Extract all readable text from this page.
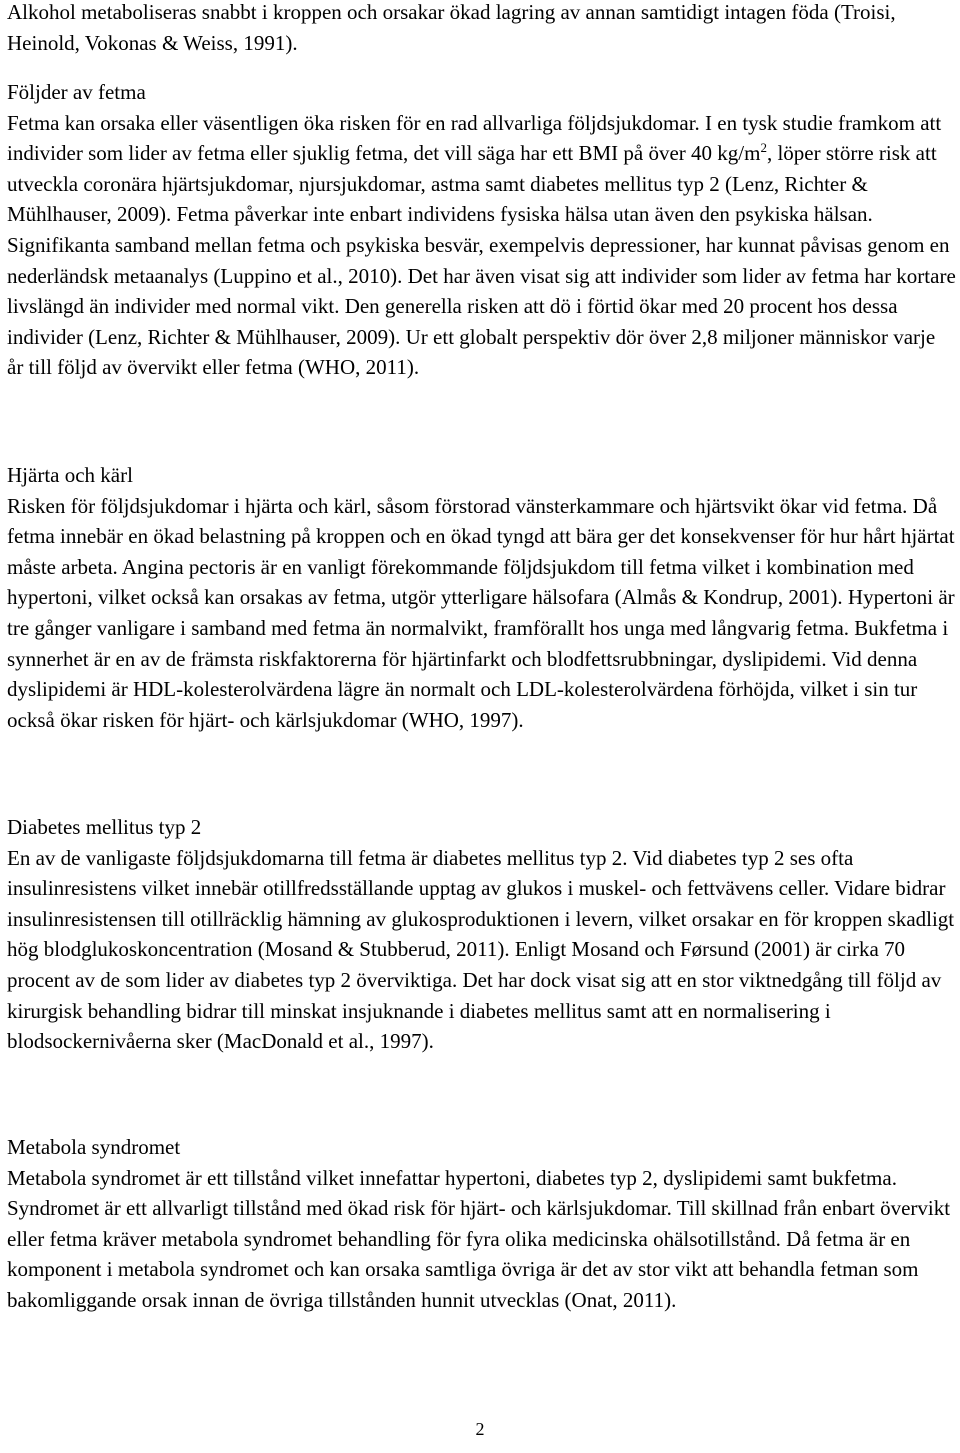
Alkohol metaboliseras snabbt i kroppen och orsakar ökad lagring av annan samtidigt intagen föda (Troisi, Heinold, Vokonas & Weiss, 1991).

Följder av fetma
Fetma kan orsaka eller väsentligen öka risken för en rad allvarliga följdsjukdomar. I en tysk studie framkom att individer som lider av fetma eller sjuklig fetma, det vill säga har ett BMI på över 40 $kg/m^2$, löper större risk att utveckla coronära hjärtsjukdomar, njursjukdomar, astma samt diabetes mellitus typ 2 (Lenz, Richter & Mühlhauser, 2009). Fetma påverkar inte enbart individens fysiska hälsa utan även den psykiska hälsan. Signifikanta samband mellan fetma och psykiska besvär, exempelvis depressioner, har kunnat påvisas genom en nederländsk metaanalys (Luppino et al., 2010). Det har även visat sig att individer som lider av fetma har kortare livslängd än individer med normal vikt. Den generella risken att dö i förtid ökar med 20 procent hos dessa individer (Lenz, Richter & Mühlhauser, 2009). Ur ett globalt perspektiv dör över 2,8 miljoner människor varje år till följd av övervikt eller fetma (WHO, 2011).

Hjärta och kärl
Risken för följdsjukdomar i hjärta och kärl, såsom förstorad vänsterkammare och hjärtsvikt ökar vid fetma. Då fetma innebär en ökad belastning på kroppen och en ökad tyngd att bära ger det konsekvenser för hur hårt hjärtat måste arbeta. Angina pectoris är en vanligt förekommande följdsjukdom till fetma vilket i kombination med hypertoni, vilket också kan orsakas av fetma, utgör ytterligare hälsofara (Almås & Kondrup, 2001). Hypertoni är tre gånger vanligare i samband med fetma än normalvikt, framförallt hos unga med långvarig fetma. Bukfetma i synnerhet är en av de främsta riskfaktorerna för hjärtinfarkt och blodfettsrubbningar, dyslipidemi. Vid denna dyslipidemi är HDL-kolesterolvärdena lägre än normalt och LDL-kolesterolvärdena förhöjda, vilket i sin tur också ökar risken för hjärt- och kärlsjukdomar (WHO, 1997).

Diabetes mellitus typ 2
En av de vanligaste följdsjukdomarna till fetma är diabetes mellitus typ 2. Vid diabetes typ 2 ses ofta insulinresistens vilket innebär otillfredsställande upptag av glukos i muskel- och fettvävens celler. Vidare bidrar insulinresistensen till otillräcklig hämning av glukosproduktionen i levern, vilket orsakar en för kroppen skadligt hög blodglukoskoncentration (Mosand & Stubberud, 2011). Enligt Mosand och Førsund (2001) är cirka 70 procent av de som lider av diabetes typ 2 överviktiga. Det har dock visat sig att en stor viktnedgång till följd av kirurgisk behandling bidrar till minskat insjuknande i diabetes mellitus samt att en normalisering i blodsockernivåerna sker (MacDonald et al., 1997).

Metabola syndromet
Metabola syndromet är ett tillstånd vilket innefattar hypertoni, diabetes typ 2, dyslipidemi samt bukfetma. Syndromet är ett allvarligt tillstånd med ökad risk för hjärt- och kärlsjukdomar. Till skillnad från enbart övervikt eller fetma kräver metabola syndromet behandling för fyra olika medicinska ohälsotillstånd. Då fetma är en komponent i metabola syndromet och kan orsaka samtliga övriga är det av stor vikt att behandla fetman som bakomliggande orsak innan de övriga tillstånden hunnit utvecklas (Onat, 2011).

2
